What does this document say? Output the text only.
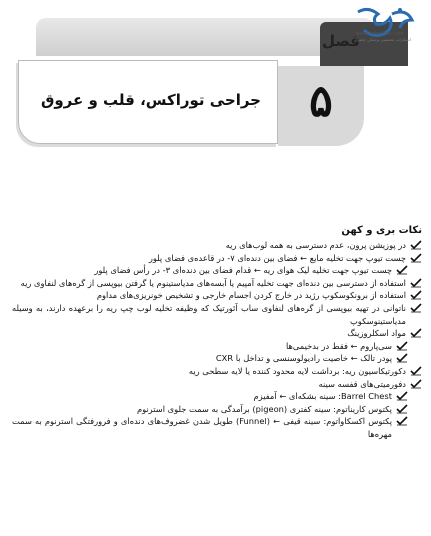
فصل
جراحی توراکس، قلب و عروق	۵
www.JafariPub.com
انتشارات تخصصی پزشکی جعفری
نکات بری و کهن
در پوزیشن پرون، عدم دسترسی به همه لوب‌های ریه
چست تیوپ جهت تخلیه مایع ← فضای بین دنده‌ای ۷- در قاعده‌ی فضای پلور
چست تیوپ جهت تخلیه لیک هوای ریه ← قدام فضای بین دنده‌ای ۳- در رأس فضای پلور
استفاده از دسترسی بین دنده‌ای جهت تخلیه آمپیم یا آبسه‌های مدیاستینوم یا گرفتن بیوپسی از گره‌های لنفاوی ریه
استفاده از برونکوسکوپ رژید در خارج کردن اجسام خارجی و تشخیص خونریزی‌های مداوم
ناتوانی در تهیه بیوپسی از گره‌های لنفاوی ساب آئورتیک که وظیفه تخلیه لوب چپ ریه را برعهده دارند، به وسیله مدیاستینوسکوپ
مواد اسکلروزینگ
سی‌پاروم ← فقط در بدخیمی‌ها
پودر تالک ← خاصیت رادیولوسنسی و تداخل با CXR
دکورتیکاسیون ریه: برداشت لایه محدود کننده یا لایه سطحی ریه
دفورمیتی‌های قفسه سینه
Barrel Chest: سینه بشکه‌ای ← آمفیزم
پکتوس کاریناتوم: سینه کفتری (pigeon) برآمدگی به سمت جلوی استرنوم
پکتوس اکسکاواتوم: سینه قیفی ← (Funnel) طویل شدن غضروف‌های دنده‌ای و فرورفتگی استرنوم به سمت مهره‌ها
